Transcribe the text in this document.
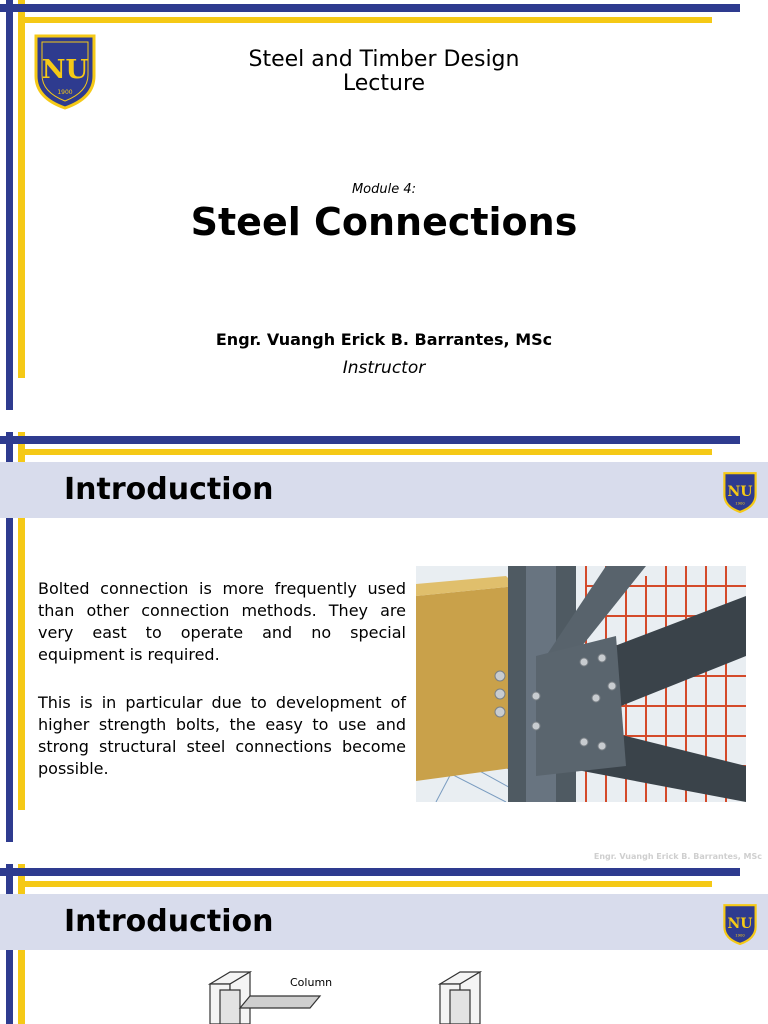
NU
1900
Steel and Timber Design
Lecture
Module 4:
Steel Connections
Engr. Vuangh Erick B. Barrantes, MSc
Instructor
Introduction	NU
1900

Bolted connection is more frequently used than other connection methods. They are very east to operate and no special equipment is required.

This is in particular due to development of higher strength bolts, the easy to use and strong structural steel connections become possible.

Engr. Vuangh Erick B. Barrantes, MSc
Introduction	NU
1900
Column
